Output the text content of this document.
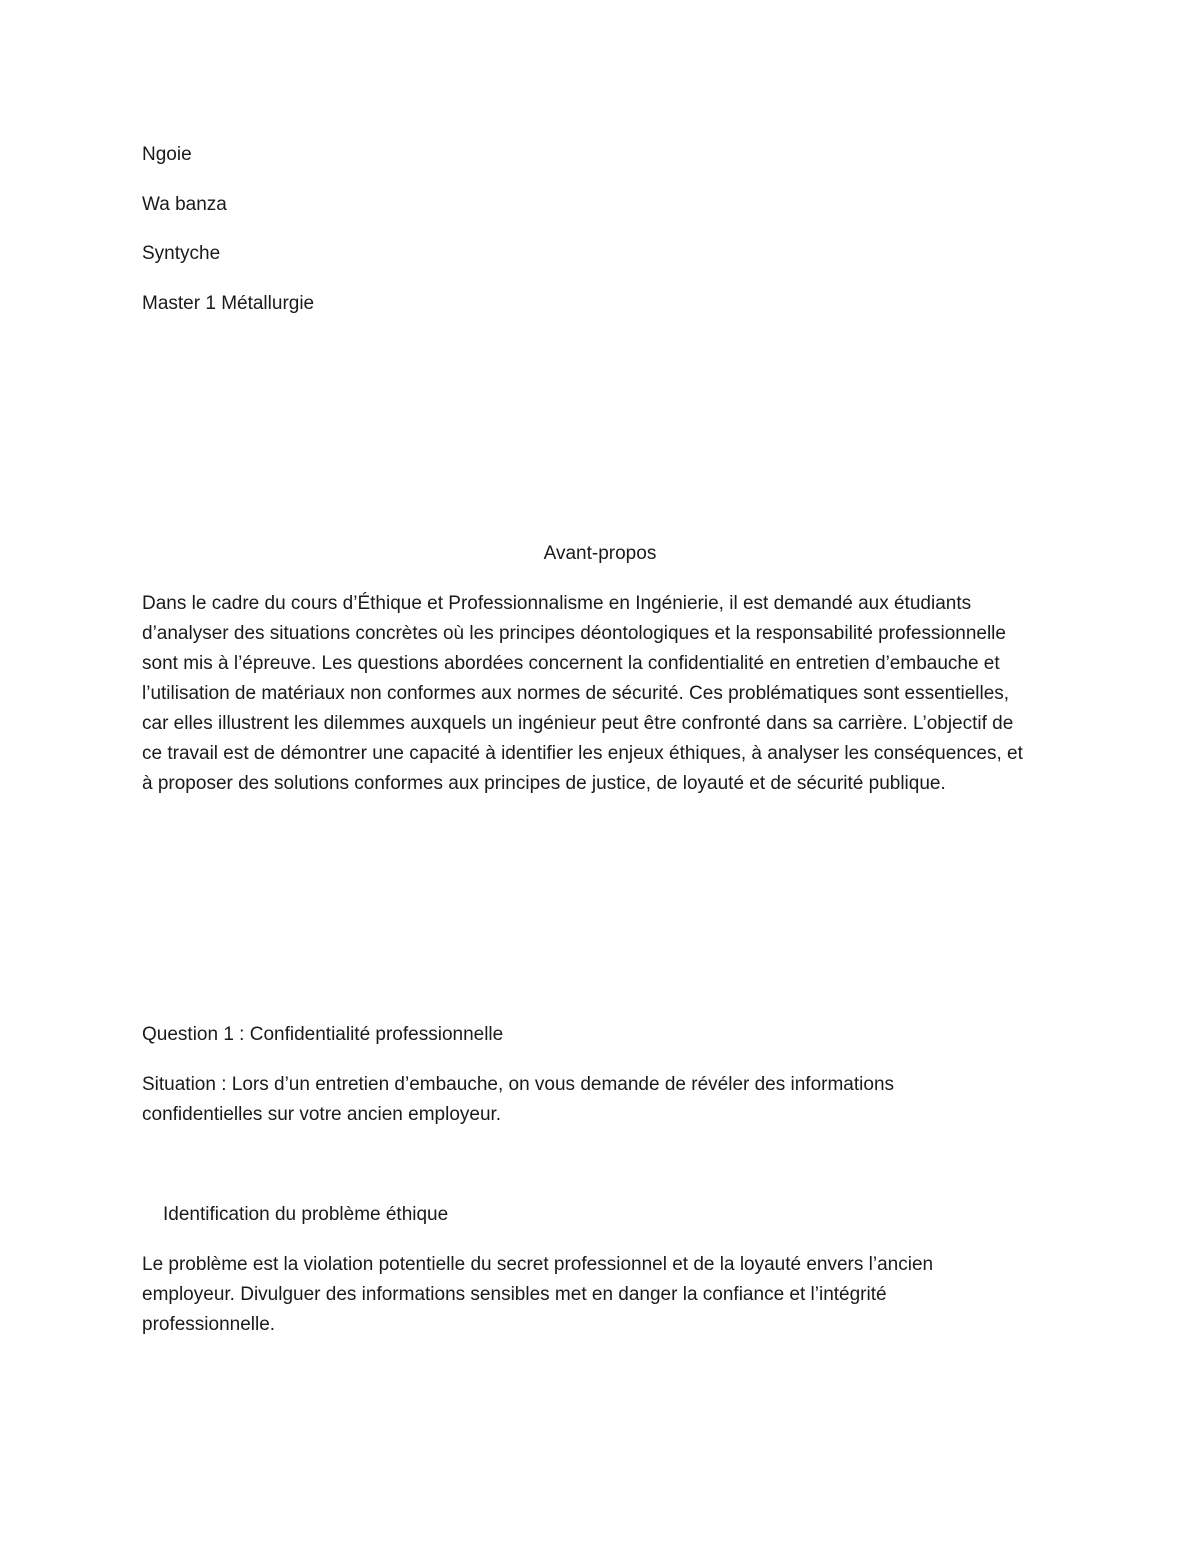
Ngoie
Wa banza
Syntyche
Master 1 Métallurgie
Avant-propos

Dans le cadre du cours d’Éthique et Professionnalisme en Ingénierie, il est demandé aux étudiants
d’analyser des situations concrètes où les principes déontologiques et la responsabilité professionnelle
sont mis à l’épreuve. Les questions abordées concernent la confidentialité en entretien d’embauche et
l’utilisation de matériaux non conformes aux normes de sécurité. Ces problématiques sont essentielles,
car elles illustrent les dilemmes auxquels un ingénieur peut être confronté dans sa carrière. L’objectif de
ce travail est de démontrer une capacité à identifier les enjeux éthiques, à analyser les conséquences, et
à proposer des solutions conformes aux principes de justice, de loyauté et de sécurité publique.

Question 1 : Confidentialité professionnelle

Situation : Lors d’un entretien d’embauche, on vous demande de révéler des informations
confidentielles sur votre ancien employeur.

Identification du problème éthique

Le problème est la violation potentielle du secret professionnel et de la loyauté envers l’ancien
employeur. Divulguer des informations sensibles met en danger la confiance et l’intégrité
professionnelle.
